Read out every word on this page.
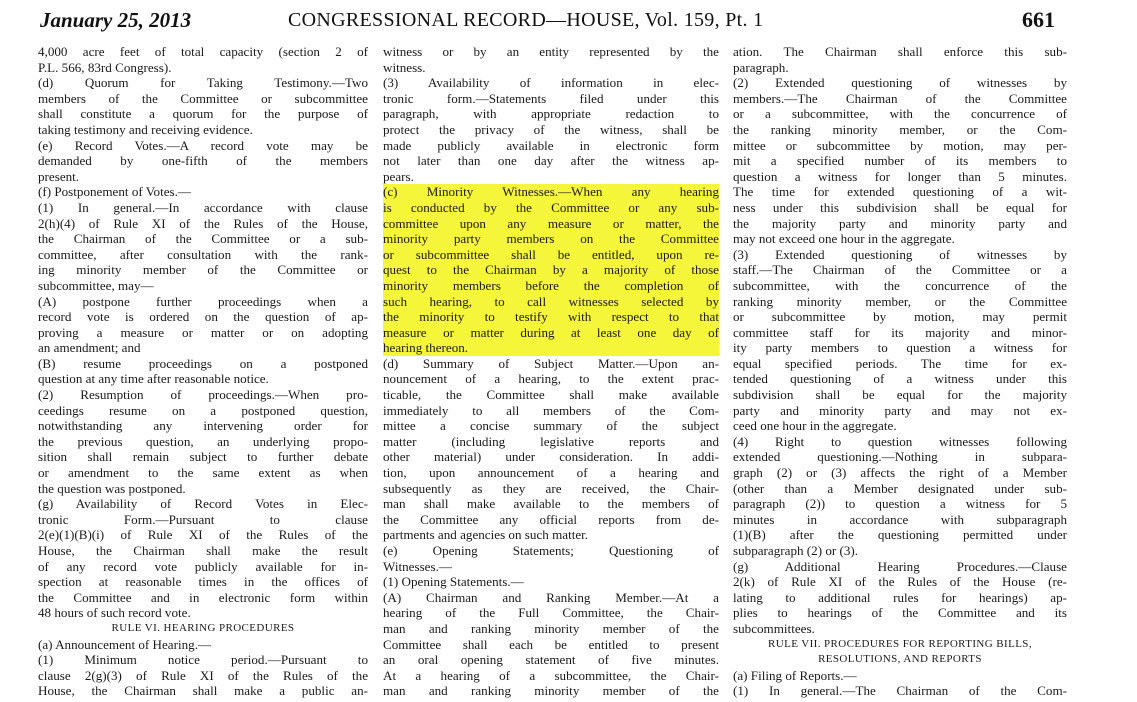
January 25, 2013	CONGRESSIONAL RECORD—HOUSE, Vol. 159, Pt. 1	661
4,000 acre feet of total capacity (section 2 of
P.L. 566, 83rd Congress).
(d) Quorum for Taking Testimony.—Two
members of the Committee or subcommittee
shall constitute a quorum for the purpose of
taking testimony and receiving evidence.
(e) Record Votes.—A record vote may be
demanded by one-fifth of the members
present.
(f) Postponement of Votes.—
(1) In general.—In accordance with clause
2(h)(4) of Rule XI of the Rules of the House,
the Chairman of the Committee or a sub-
committee, after consultation with the rank-
ing minority member of the Committee or
subcommittee, may—
(A) postpone further proceedings when a
record vote is ordered on the question of ap-
proving a measure or matter or on adopting
an amendment; and
(B) resume proceedings on a postponed
question at any time after reasonable notice.
(2) Resumption of proceedings.—When pro-
ceedings resume on a postponed question,
notwithstanding any intervening order for
the previous question, an underlying propo-
sition shall remain subject to further debate
or amendment to the same extent as when
the question was postponed.
(g) Availability of Record Votes in Elec-
tronic Form.—Pursuant to clause
2(e)(1)(B)(i) of Rule XI of the Rules of the
House, the Chairman shall make the result
of any record vote publicly available for in-
spection at reasonable times in the offices of
the Committee and in electronic form within
48 hours of such record vote.
RULE VI. HEARING PROCEDURES
(a) Announcement of Hearing.—
(1) Minimum notice period.—Pursuant to
clause 2(g)(3) of Rule XI of the Rules of the
House, the Chairman shall make a public an-
witness or by an entity represented by the
witness.
(3) Availability of information in elec-
tronic form.—Statements filed under this
paragraph, with appropriate redaction to
protect the privacy of the witness, shall be
made publicly available in electronic form
not later than one day after the witness ap-
pears.
(c) Minority Witnesses.—When any hearing
is conducted by the Committee or any sub-
committee upon any measure or matter, the
minority party members on the Committee
or subcommittee shall be entitled, upon re-
quest to the Chairman by a majority of those
minority members before the completion of
such hearing, to call witnesses selected by
the minority to testify with respect to that
measure or matter during at least one day of
hearing thereon.
(d) Summary of Subject Matter.—Upon an-
nouncement of a hearing, to the extent prac-
ticable, the Committee shall make available
immediately to all members of the Com-
mittee a concise summary of the subject
matter (including legislative reports and
other material) under consideration. In addi-
tion, upon announcement of a hearing and
subsequently as they are received, the Chair-
man shall make available to the members of
the Committee any official reports from de-
partments and agencies on such matter.
(e) Opening Statements; Questioning of
Witnesses.—
(1) Opening Statements.—
(A) Chairman and Ranking Member.—At a
hearing of the Full Committee, the Chair-
man and ranking minority member of the
Committee shall each be entitled to present
an oral opening statement of five minutes.
At a hearing of a subcommittee, the Chair-
man and ranking minority member of the
ation. The Chairman shall enforce this sub-
paragraph.
(2) Extended questioning of witnesses by
members.—The Chairman of the Committee
or a subcommittee, with the concurrence of
the ranking minority member, or the Com-
mittee or subcommittee by motion, may per-
mit a specified number of its members to
question a witness for longer than 5 minutes.
The time for extended questioning of a wit-
ness under this subdivision shall be equal for
the majority party and minority party and
may not exceed one hour in the aggregate.
(3) Extended questioning of witnesses by
staff.—The Chairman of the Committee or a
subcommittee, with the concurrence of the
ranking minority member, or the Committee
or subcommittee by motion, may permit
committee staff for its majority and minor-
ity party members to question a witness for
equal specified periods. The time for ex-
tended questioning of a witness under this
subdivision shall be equal for the majority
party and minority party and may not ex-
ceed one hour in the aggregate.
(4) Right to question witnesses following
extended questioning.—Nothing in subpara-
graph (2) or (3) affects the right of a Member
(other than a Member designated under sub-
paragraph (2)) to question a witness for 5
minutes in accordance with subparagraph
(1)(B) after the questioning permitted under
subparagraph (2) or (3).
(g) Additional Hearing Procedures.—Clause
2(k) of Rule XI of the Rules of the House (re-
lating to additional rules for hearings) ap-
plies to hearings of the Committee and its
subcommittees.
RULE VII. PROCEDURES FOR REPORTING BILLS,
RESOLUTIONS, AND REPORTS
(a) Filing of Reports.—
(1) In general.—The Chairman of the Com-
